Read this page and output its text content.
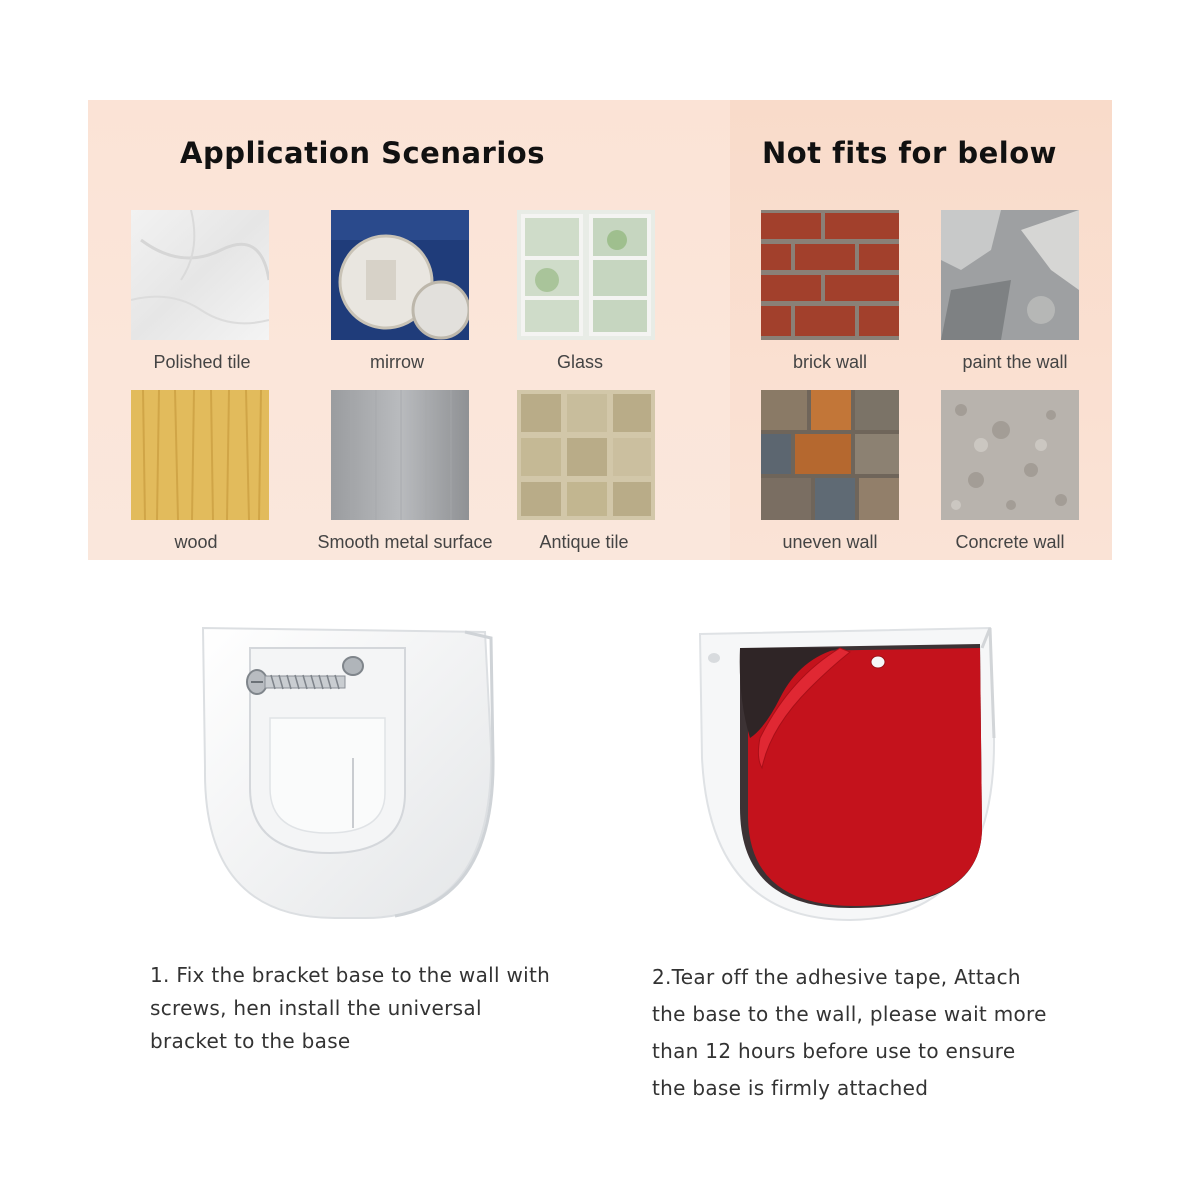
Application Scenarios	Not fits for below
Polished tile	mirrow	Glass
wood	Smooth metal surface	Antique tile
brick wall	paint the wall
uneven wall	Concrete wall
1. Fix the bracket base to the wall with
screws, hen install the universal
bracket to the base
2.Tear off the adhesive tape, Attach
the base to the wall, please wait more
than 12 hours before use to ensure
the base is firmly attached
